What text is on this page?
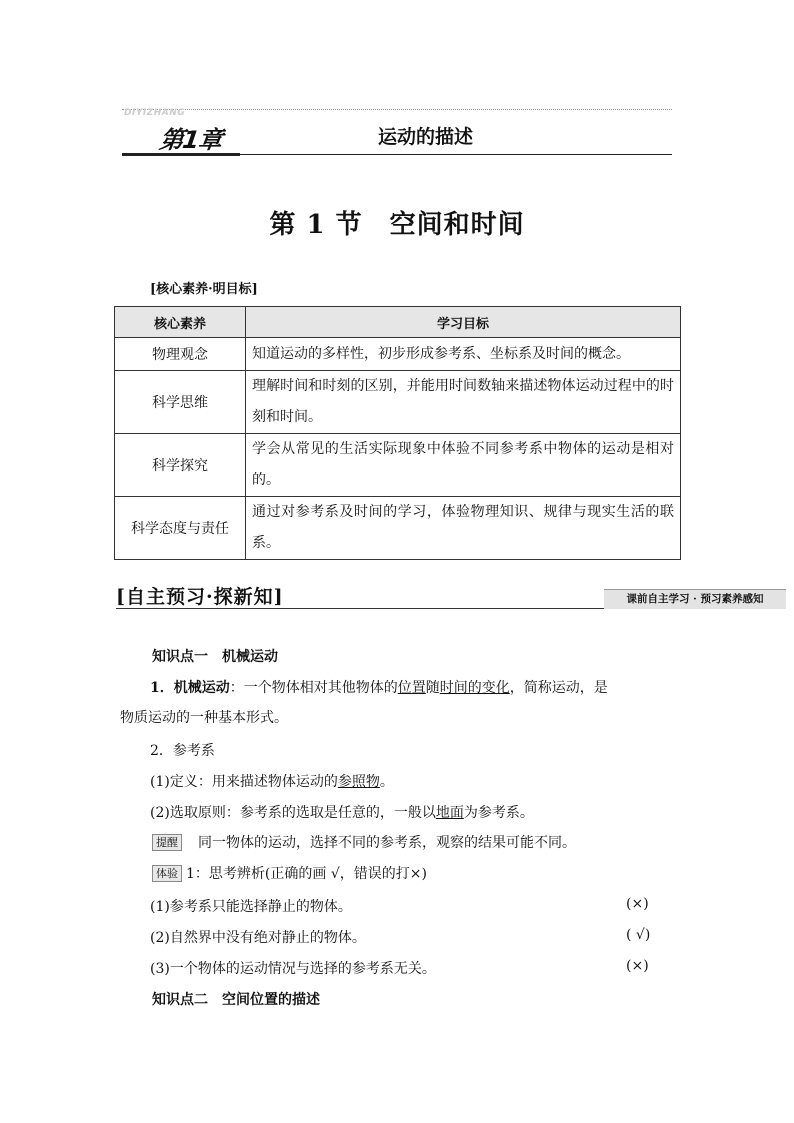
DIYIZHANG
第1章	运动的描述
第 1 节　空间和时间
[核心素养·明目标]
核心素养	学习目标
物理观念	知道运动的多样性，初步形成参考系、坐标系及时间的概念。
科学思维	理解时间和时刻的区别，并能用时间数轴来描述物体运动过程中的时刻和时间。
科学探究	学会从常见的生活实际现象中体验不同参考系中物体的运动是相对的。
科学态度与责任	通过对参考系及时间的学习，体验物理知识、规律与现实生活的联系。
[自主预习·探新知]	课前自主学习 · 预习素养感知
知识点一　机械运动
1．机械运动：一个物体相对其他物体的位置随时间的变化，简称运动，是
物质运动的一种基本形式。
2．参考系
(1)定义：用来描述物体运动的参照物。
(2)选取原则：参考系的选取是任意的，一般以地面为参考系。
提醒 同一物体的运动，选择不同的参考系，观察的结果可能不同。
体验 1：思考辨析(正确的画 √，错误的打×)
(1)参考系只能选择静止的物体。	(×)
(2)自然界中没有绝对静止的物体。	( √)
(3)一个物体的运动情况与选择的参考系无关。	(×)
知识点二　空间位置的描述
